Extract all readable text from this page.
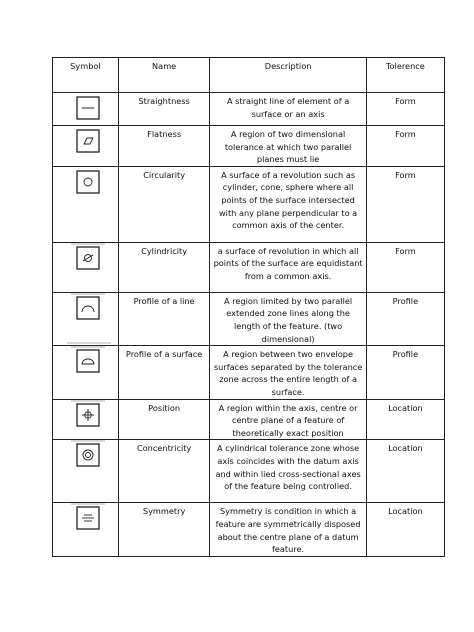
Symbol	Name	Description	Tolerence

	Straightness	A straight line of element of a surface or an axis	Form

	Flatness	A region of two dimensional tolerance at which two parallel planes must lie	Form

	Circularity	A surface of a revolution such as cylinder, cone, sphere where all points of the surface intersected with any plane perpendicular to a common axis of the center.	Form

	Cylindricity	a surface of revolution in which all points of the surface are equidistant from a common axis.	Form

	Profile of a line	A region limited by two parallel extended zone lines along the length of the feature. (two dimensional)	Profile

	Profile of a surface	A region between two envelope surfaces separated by the tolerance zone across the entire length of a surface.	Profile

	Position	A region within the axis, centre or centre plane of a feature of theoretically exact position	Location

	Concentricity	A cylindrical tolerance zone whose axis coincides with the datum axis and within lied cross-sectional axes of the feature being controlled.	Location

	Symmetry	Symmetry is condition in which a feature are symmetrically disposed about the centre plane of a datum feature.	Location
